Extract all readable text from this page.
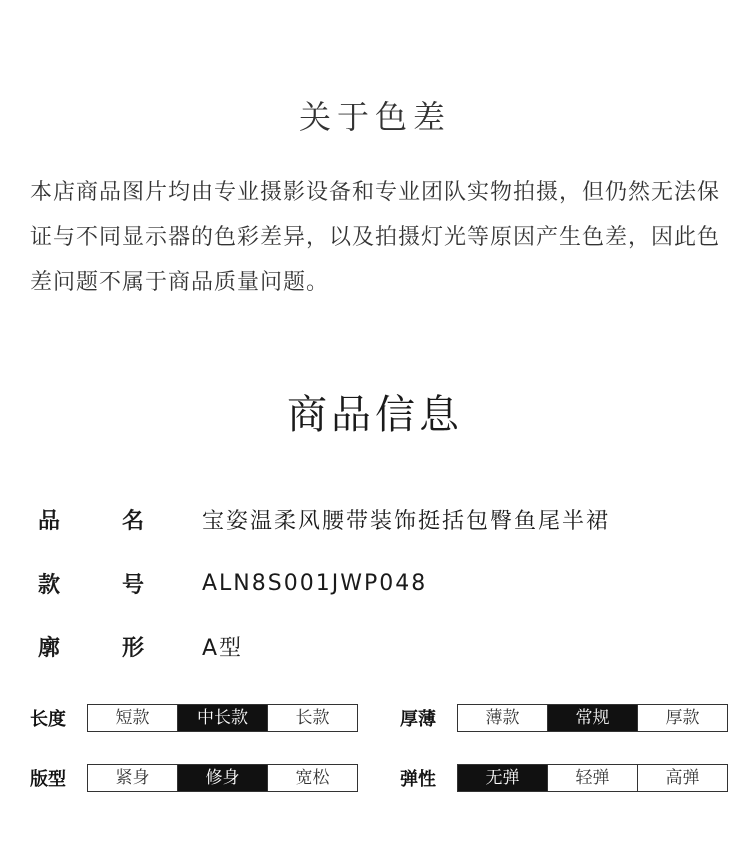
关于色差

本店商品图片均由专业摄影设备和专业团队实物拍摄，但仍然无法保证与不同显示器的色彩差异，以及拍摄灯光等原因产生色差，因此色差问题不属于商品质量问题。

商品信息
品	名	宝姿温柔风腰带装饰挺括包臀鱼尾半裙
款	号	ALN8S001JWP048
廓	形	A型
长度	短款	中长款	长款	厚薄	薄款	常规	厚款
版型	紧身	修身	宽松	弹性	无弹	轻弹	高弹
